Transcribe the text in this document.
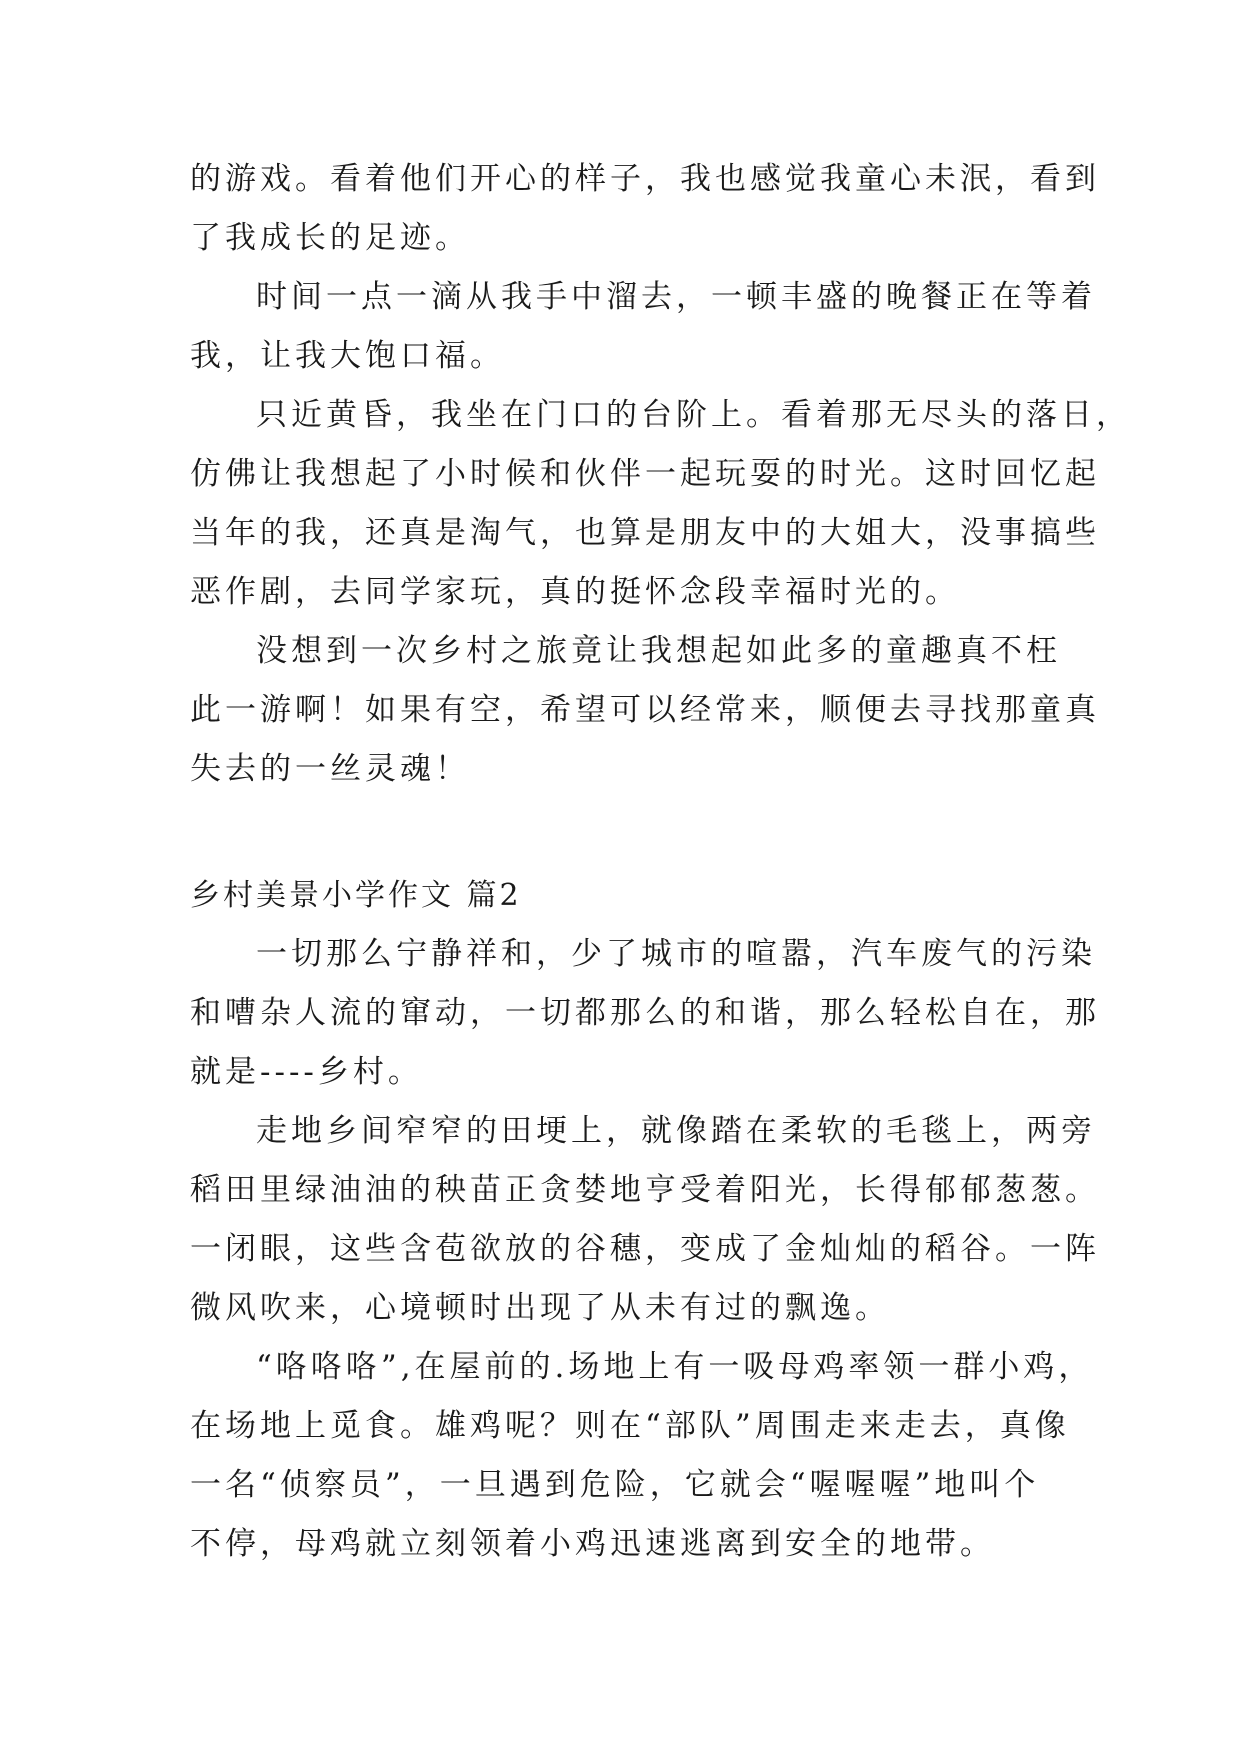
的游戏。看着他们开心的样子，我也感觉我童心未泯，看到
了我成长的足迹。
时间一点一滴从我手中溜去，一顿丰盛的晚餐正在等着
我，让我大饱口福。
只近黄昏，我坐在门口的台阶上。看着那无尽头的落日，
仿佛让我想起了小时候和伙伴一起玩耍的时光。这时回忆起
当年的我，还真是淘气，也算是朋友中的大姐大，没事搞些
恶作剧，去同学家玩，真的挺怀念段幸福时光的。
没想到一次乡村之旅竟让我想起如此多的童趣真不枉
此一游啊！如果有空，希望可以经常来，顺便去寻找那童真
失去的一丝灵魂！
乡村美景小学作文 篇2
一切那么宁静祥和，少了城市的喧嚣，汽车废气的污染
和嘈杂人流的窜动，一切都那么的和谐，那么轻松自在，那
就是----乡村。
走地乡间窄窄的田埂上，就像踏在柔软的毛毯上，两旁
稻田里绿油油的秧苗正贪婪地亨受着阳光，长得郁郁葱葱。
一闭眼，这些含苞欲放的谷穗，变成了金灿灿的稻谷。一阵
微风吹来，心境顿时出现了从未有过的飘逸。
“咯咯咯”,在屋前的.场地上有一吸母鸡率领一群小鸡，
在场地上觅食。雄鸡呢？则在“部队”周围走来走去，真像
一名“侦察员”，一旦遇到危险，它就会“喔喔喔”地叫个
不停，母鸡就立刻领着小鸡迅速逃离到安全的地带。
